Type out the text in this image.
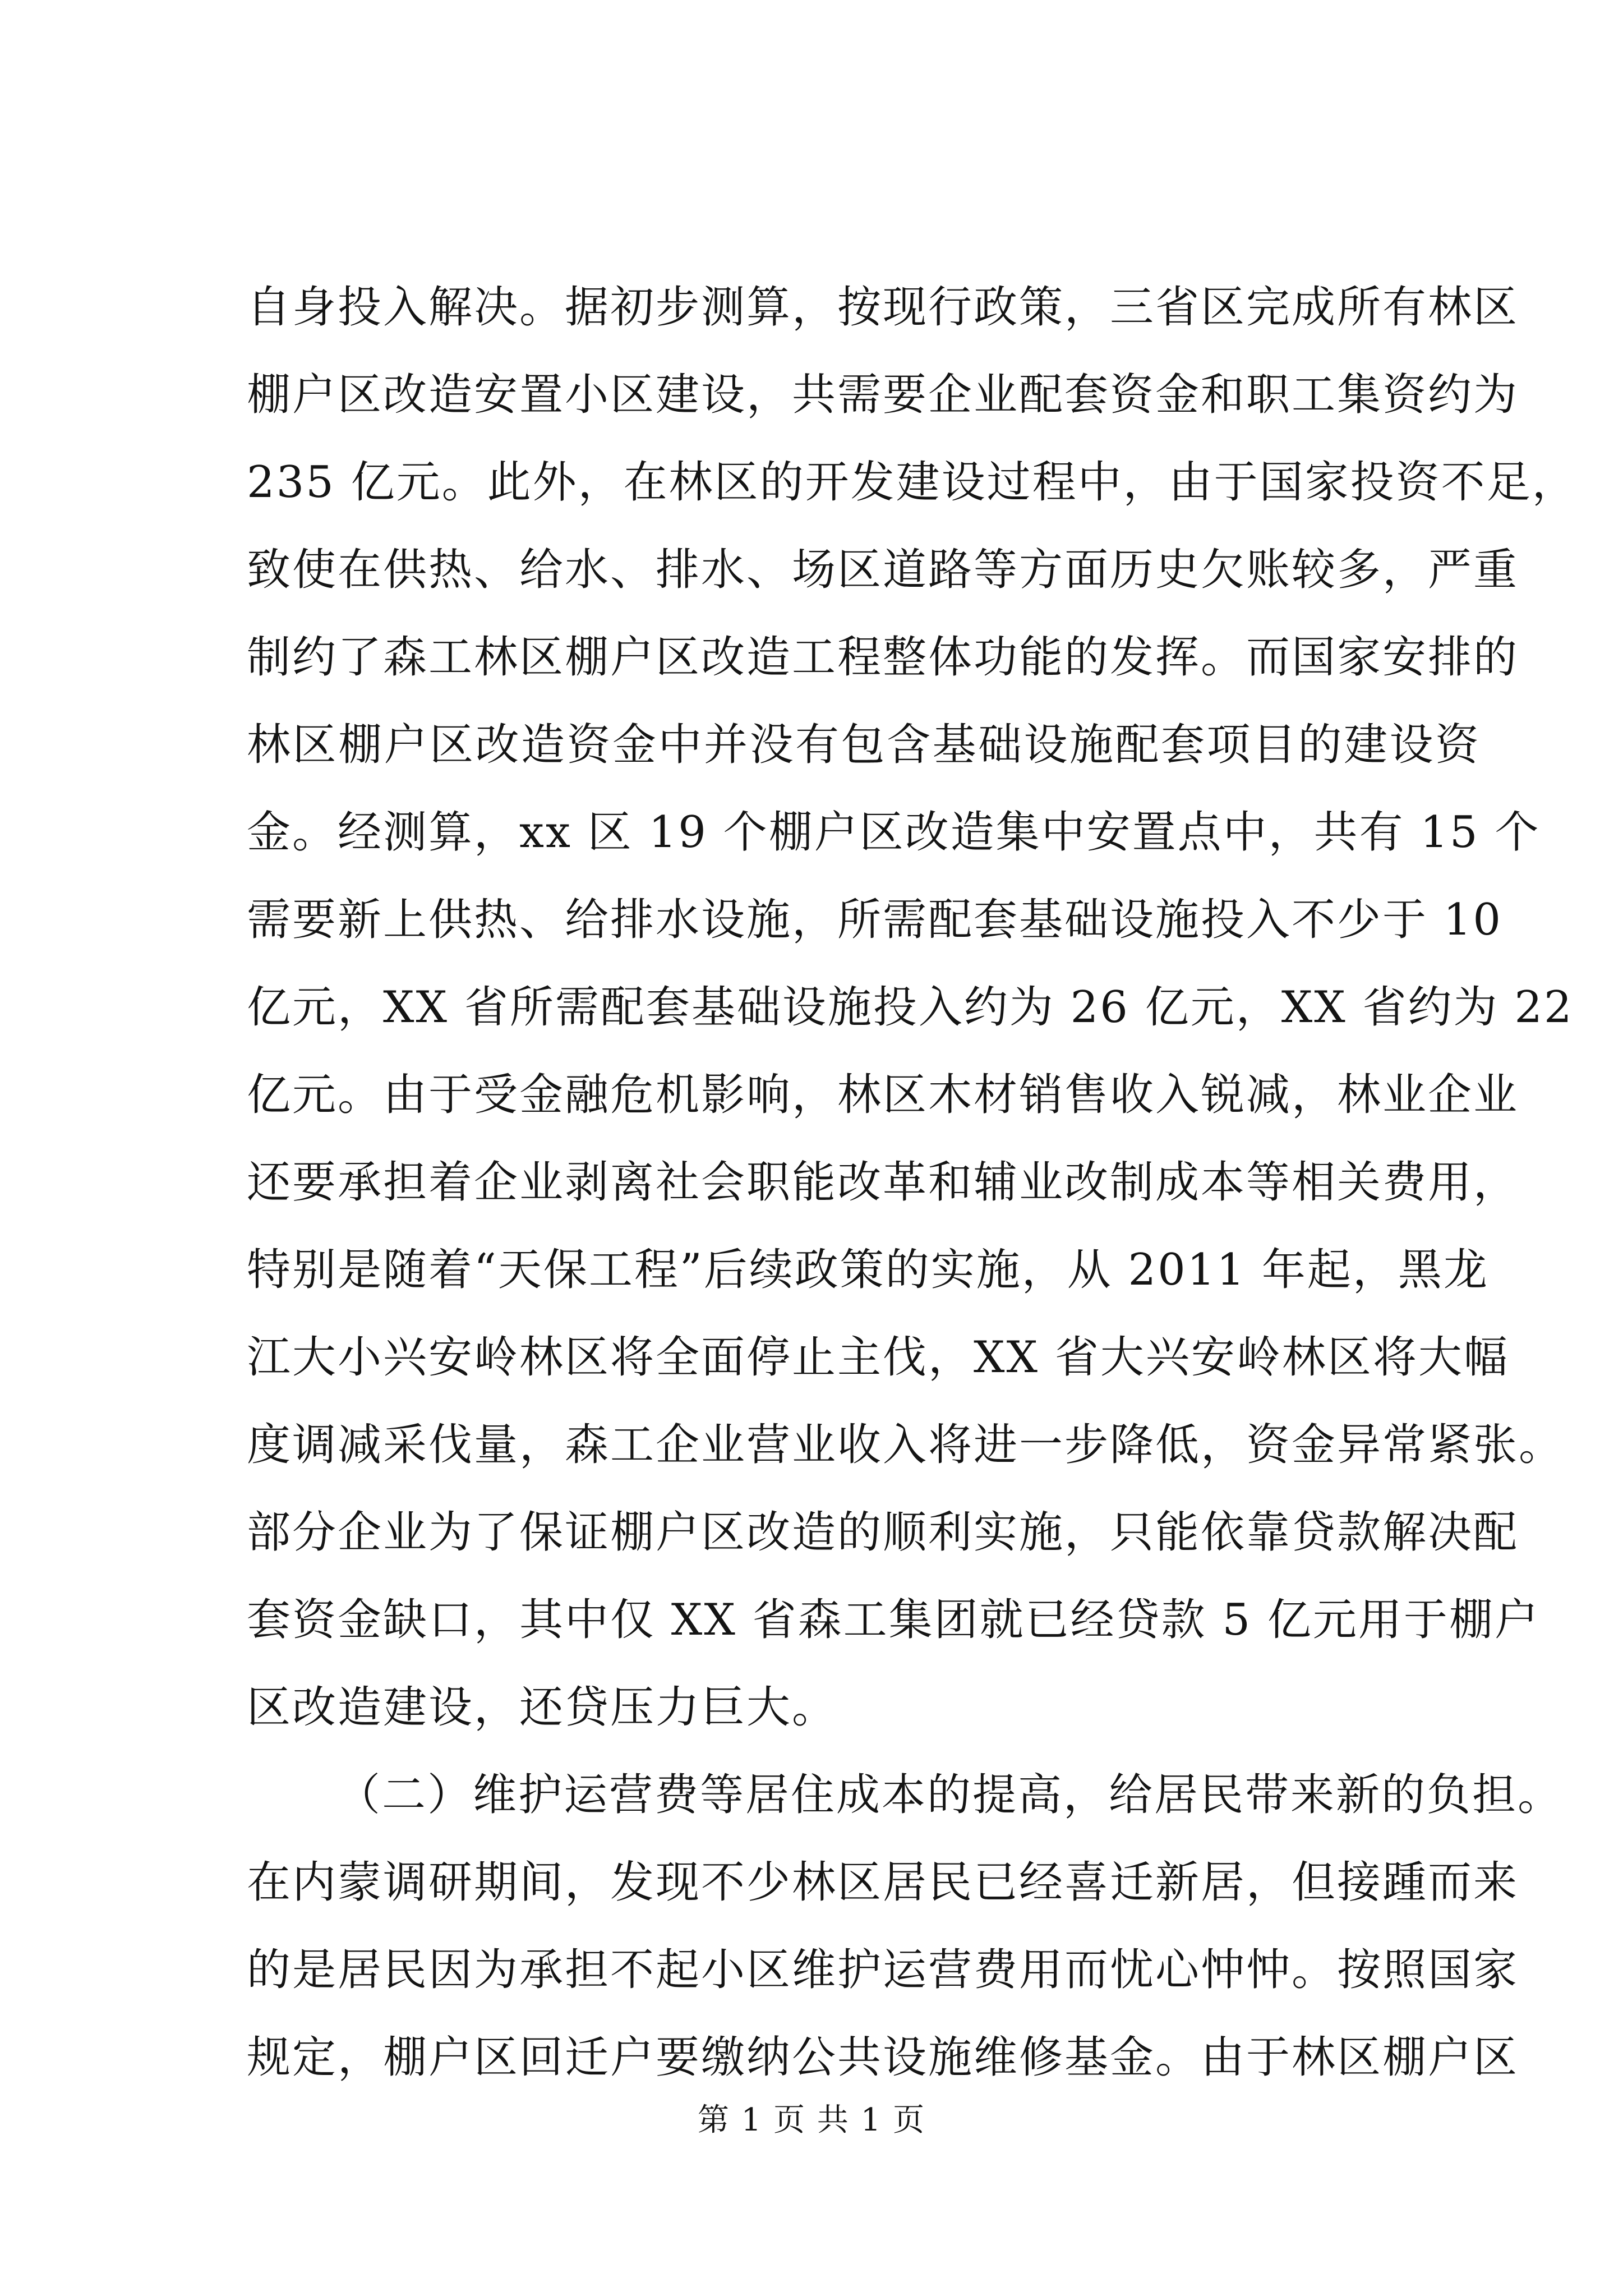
自身投入解决。据初步测算，按现行政策，三省区完成所有林区
棚户区改造安置小区建设，共需要企业配套资金和职工集资约为
235 亿元。此外，在林区的开发建设过程中，由于国家投资不足，
致使在供热、给水、排水、场区道路等方面历史欠账较多，严重
制约了森工林区棚户区改造工程整体功能的发挥。而国家安排的
林区棚户区改造资金中并没有包含基础设施配套项目的建设资
金。经测算，xx 区 19 个棚户区改造集中安置点中，共有 15 个
需要新上供热、给排水设施，所需配套基础设施投入不少于 10
亿元，XX 省所需配套基础设施投入约为 26 亿元，XX 省约为 22
亿元。由于受金融危机影响，林区木材销售收入锐减，林业企业
还要承担着企业剥离社会职能改革和辅业改制成本等相关费用，
特别是随着“天保工程”后续政策的实施，从 2011 年起，黑龙
江大小兴安岭林区将全面停止主伐，XX 省大兴安岭林区将大幅
度调减采伐量，森工企业营业收入将进一步降低，资金异常紧张。
部分企业为了保证棚户区改造的顺利实施，只能依靠贷款解决配
套资金缺口，其中仅 XX 省森工集团就已经贷款 5 亿元用于棚户
区改造建设，还贷压力巨大。
（二）维护运营费等居住成本的提高，给居民带来新的负担。
在内蒙调研期间，发现不少林区居民已经喜迁新居，但接踵而来
的是居民因为承担不起小区维护运营费用而忧心忡忡。按照国家
规定，棚户区回迁户要缴纳公共设施维修基金。由于林区棚户区
第 1 页 共 1 页
